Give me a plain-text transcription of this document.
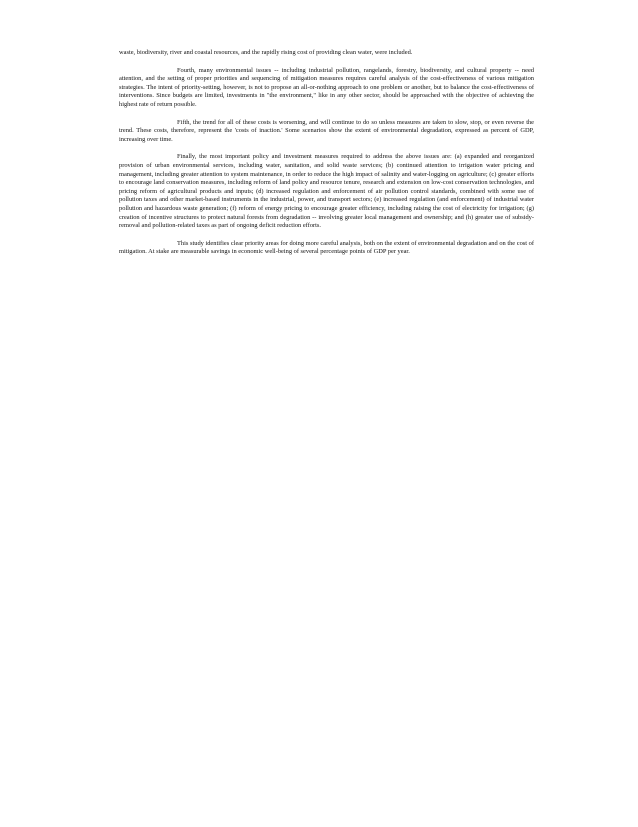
waste, biodiversity, river and coastal resources, and the rapidly rising cost of providing clean water, were included.

Fourth, many environmental issues -- including industrial pollution, rangelands, forestry, biodiversity, and cultural property -- need attention, and the setting of proper priorities and sequencing of mitigation measures requires careful analysis of the cost-effectiveness of various mitigation strategies. The intent of priority-setting, however, is not to propose an all-or-nothing approach to one problem or another, but to balance the cost-effectiveness of interventions. Since budgets are limited, investments in "the environment," like in any other sector, should be approached with the objective of achieving the highest rate of return possible.

Fifth, the trend for all of these costs is worsening, and will continue to do so unless measures are taken to slow, stop, or even reverse the trend. These costs, therefore, represent the 'costs of inaction.' Some scenarios show the extent of environmental degradation, expressed as percent of GDP, increasing over time.

Finally, the most important policy and investment measures required to address the above issues are: (a) expanded and reorganized provision of urban environmental services, including water, sanitation, and solid waste services; (b) continued attention to irrigation water pricing and management, including greater attention to system maintenance, in order to reduce the high impact of salinity and water-logging on agriculture; (c) greater efforts to encourage land conservation measures, including reform of land policy and resource tenure, research and extension on low-cost conservation technologies, and pricing reform of agricultural products and inputs; (d) increased regulation and enforcement of air pollution control standards, combined with some use of pollution taxes and other market-based instruments in the industrial, power, and transport sectors; (e) increased regulation (and enforcement) of industrial water pollution and hazardous waste generation; (f) reform of energy pricing to encourage greater efficiency, including raising the cost of electricity for irrigation; (g) creation of incentive structures to protect natural forests from degradation -- involving greater local management and ownership; and (h) greater use of subsidy-removal and pollution-related taxes as part of ongoing deficit reduction efforts.

This study identifies clear priority areas for doing more careful analysis, both on the extent of environmental degradation and on the cost of mitigation. At stake are measurable savings in economic well-being of several percentage points of GDP per year.
